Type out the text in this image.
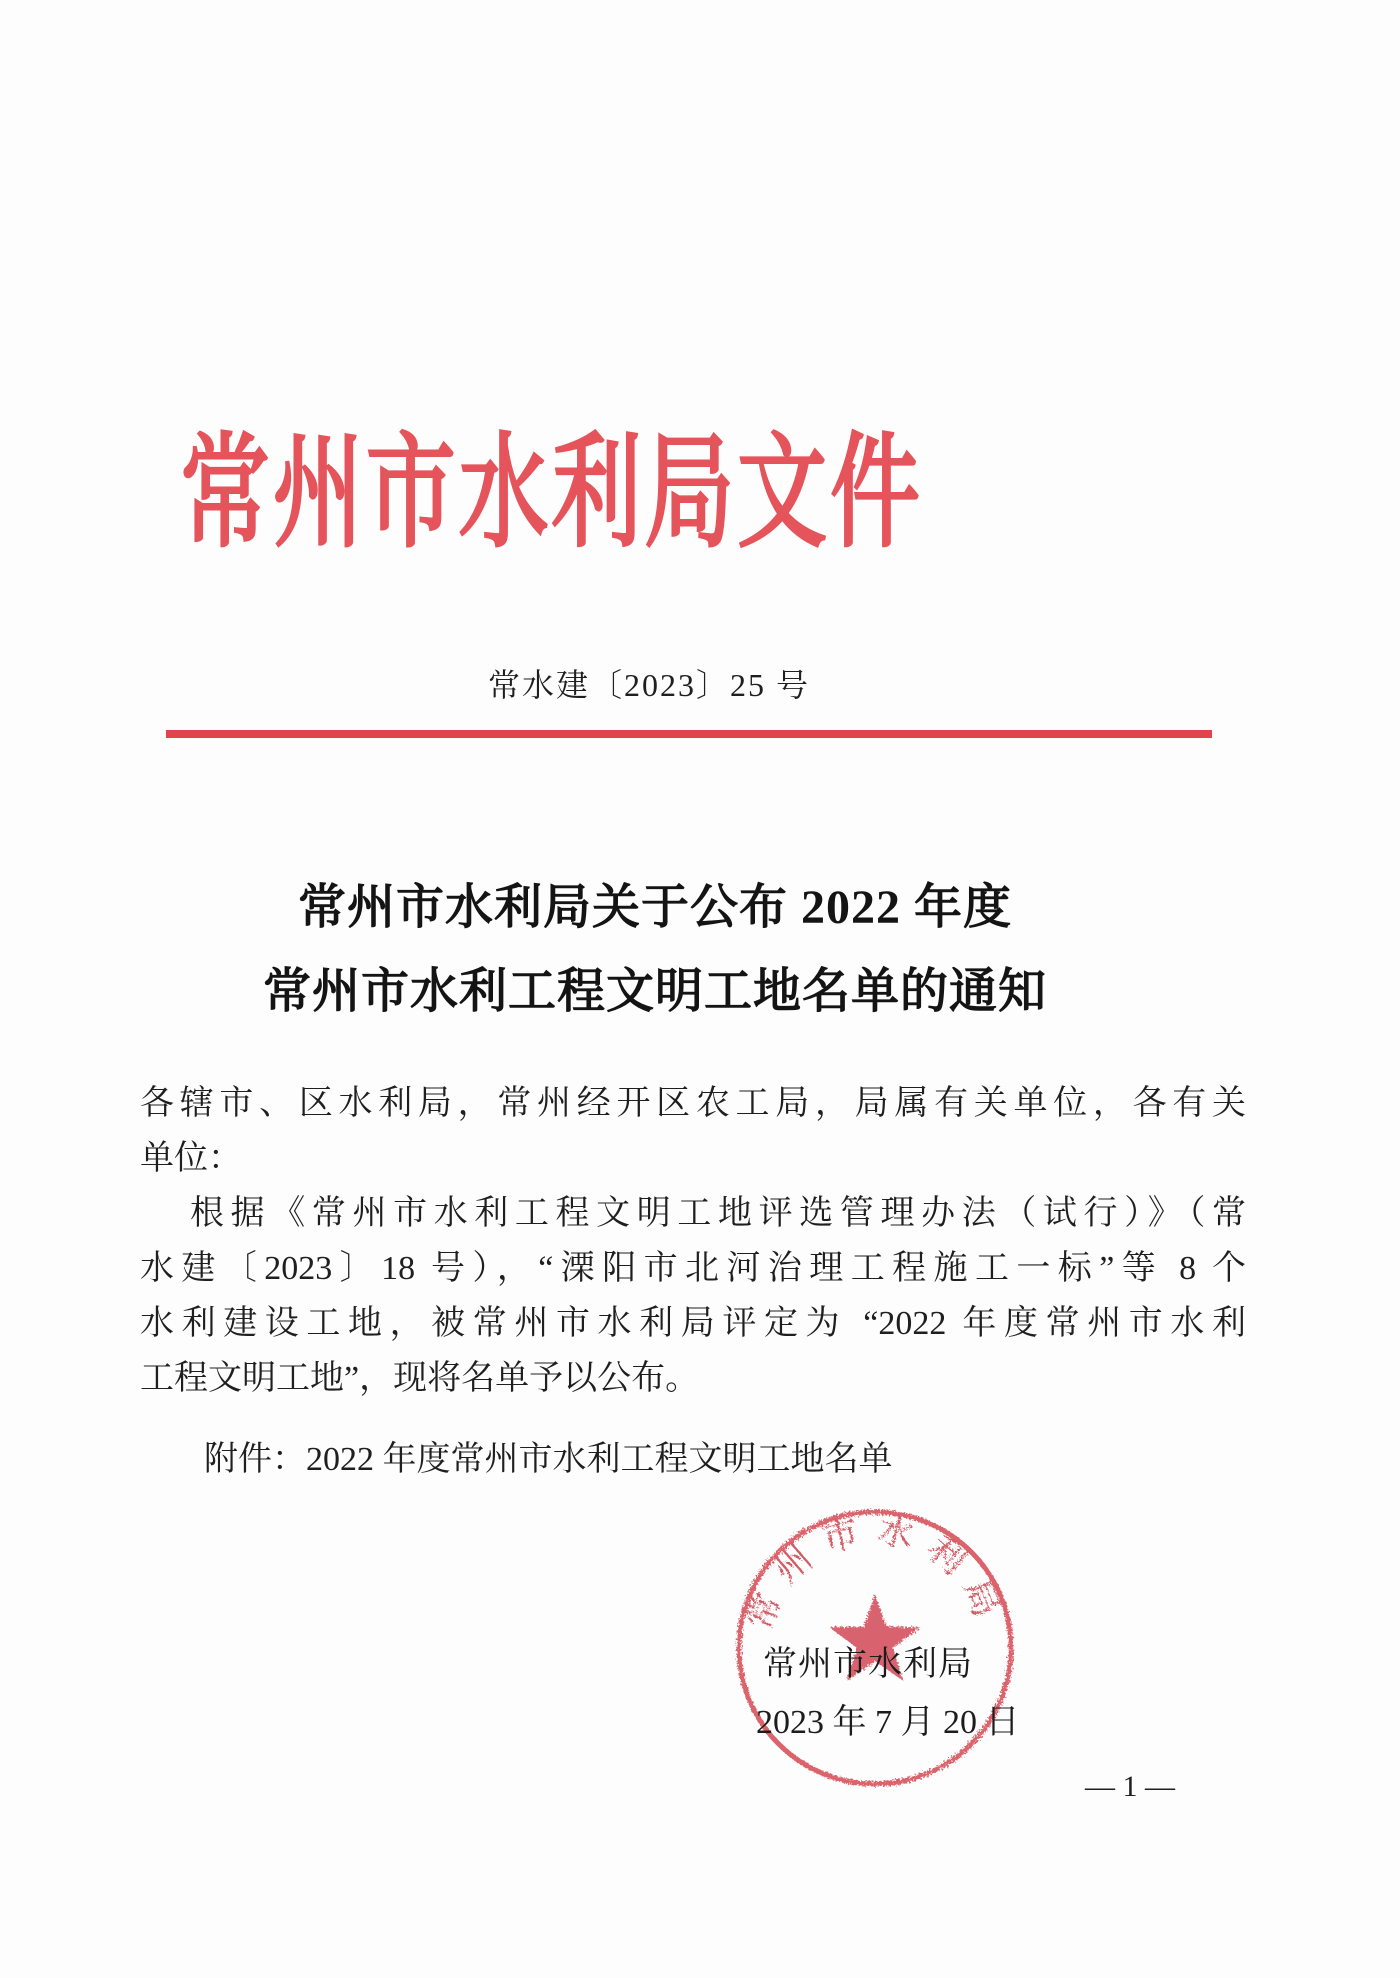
常州市水利局文件
常水建〔2023〕25 号
常州市水利局关于公布 2022 年度
常州市水利工程文明工地名单的通知
各辖市、区水利局，常州经开区农工局，局属有关单位，各有关
单位：
根据《常州市水利工程文明工地评选管理办法（试行）》（常
水建〔2023〕18 号），“溧阳市北河治理工程施工一标”等 8 个
水利建设工地，被常州市水利局评定为 “2022 年度常州市水利
工程文明工地”，现将名单予以公布。
附件：2022 年度常州市水利工程文明工地名单
常州市水利局
常州市水利局
2023 年 7 月 20 日
— 1 —
